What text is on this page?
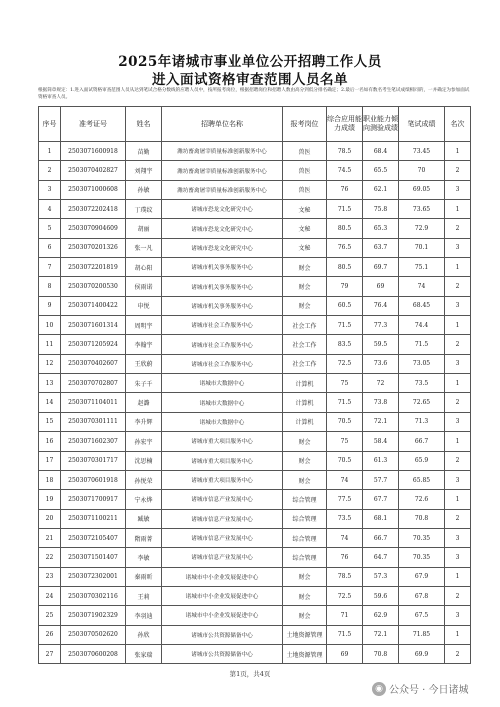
2025年诸城市事业单位公开招聘工作人员
进入面试资格审查范围人员名单
根据简章规定：1.进入面试资格审查范围人员从达到笔试合格分数线的应聘人员中，按所报考岗位，根据招聘岗位和招聘人数由高分到低分排名确定；2.最后一名如有数名考生笔试成绩相同的，一并确定为参加面试资格审查人员。
序号	准考证号	姓名	招聘单位名称	报考岗位	综合应用能力成绩	职业能力倾向测验成绩	笔试成绩	名次
1	2503071600918	苗勤	潍坊畜禽屠宰质量标准创新服务中心	兽医	78.5	68.4	73.45	1
2	2503070402827	刘翔宇	潍坊畜禽屠宰质量标准创新服务中心	兽医	74.5	65.5	70	2
3	2503071000608	孙敏	潍坊畜禽屠宰质量标准创新服务中心	兽医	76	62.1	69.05	3
4	2503072202418	丁璞纹	诸城市恐龙文化研究中心	文秘	71.5	75.8	73.65	1
5	2503070904609	胡丽	诸城市恐龙文化研究中心	文秘	80.5	65.3	72.9	2
6	2503070201326	张一凡	诸城市恐龙文化研究中心	文秘	76.5	63.7	70.1	3
7	2503072201819	胡心阳	诸城市机关事务服务中心	财会	80.5	69.7	75.1	1
8	2503070200530	侯雨诺	诸城市机关事务服务中心	财会	79	69	74	2
9	2503071400422	申悦	诸城市机关事务服务中心	财会	60.5	76.4	68.45	3
10	2503071601314	周明宇	诸城市社会工作服务中心	社会工作	71.5	77.3	74.4	1
11	2503071205924	李翰宇	诸城市社会工作服务中心	社会工作	83.5	59.5	71.5	2
12	2503070402607	王欣蔚	诸城市社会工作服务中心	社会工作	72.5	73.6	73.05	3
13	2503070702807	朱子千	诸城市大数据中心	计算机	75	72	73.5	1
14	2503071104011	赵潞	诸城市大数据中心	计算机	71.5	73.8	72.65	2
15	2503070301111	李升辉	诸城市大数据中心	计算机	70.5	72.1	71.3	3
16	2503071602307	孙宏宇	诸城市重大项目服务中心	财会	75	58.4	66.7	1
17	2503070301717	沈思楠	诸城市重大项目服务中心	财会	70.5	61.3	65.9	2
18	2503070601918	孙悦荣	诸城市重大项目服务中心	财会	74	57.7	65.85	3
19	2503071700917	宁永烨	诸城市信息产业发展中心	综合管理	77.5	67.7	72.6	1
20	2503071100211	臧敏	诸城市信息产业发展中心	综合管理	73.5	68.1	70.8	2
21	2503072105407	隋雨菁	诸城市信息产业发展中心	综合管理	74	66.7	70.35	3
22	2503071501407	李敏	诸城市信息产业发展中心	综合管理	76	64.7	70.35	3
23	2503072302001	秦雨昕	诸城市中小企业发展促进中心	财会	78.5	57.3	67.9	1
24	2503070302116	王莉	诸城市中小企业发展促进中心	财会	72.5	59.6	67.8	2
25	2503071902329	李羽迪	诸城市中小企业发展促进中心	财会	71	62.9	67.5	3
26	2503070502620	孙欣	诸城市公共资源储备中心	土地资源管理	71.5	72.1	71.85	1
27	2503070600208	张家瑞	诸城市公共资源储备中心	土地资源管理	69	70.8	69.9	2
第1页，共4页
◉ 公众号 · 今日诸城
